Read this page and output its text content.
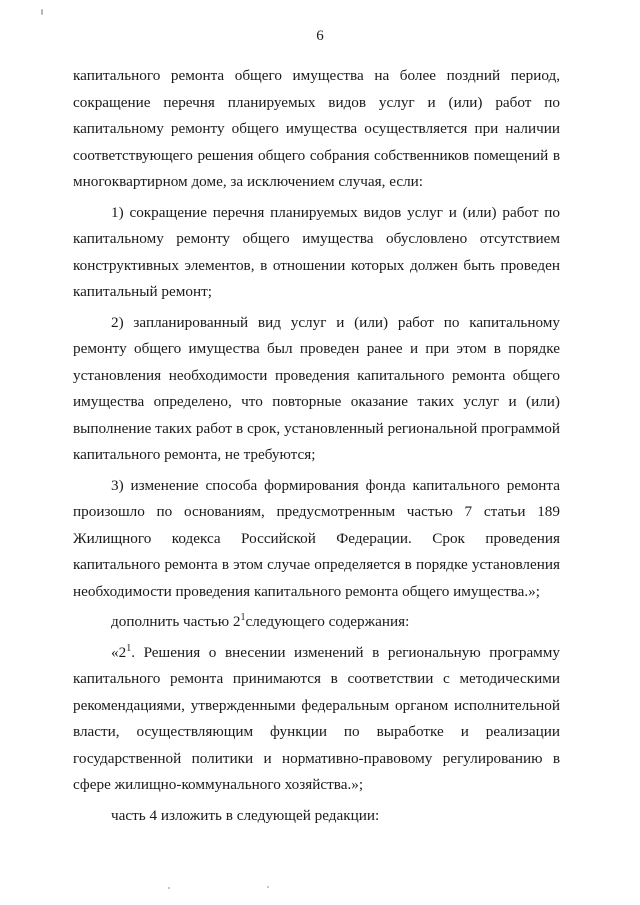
6

капитального ремонта общего имущества на более поздний период, сокращение перечня планируемых видов услуг и (или) работ по капитальному ремонту общего имущества осуществляется при наличии соответствующего решения общего собрания собственников помещений в многоквартирном доме, за исключением случая, если:

1) сокращение перечня планируемых видов услуг и (или) работ по капитальному ремонту общего имущества обусловлено отсутствием конструктивных элементов, в отношении которых должен быть проведен капитальный ремонт;

2) запланированный вид услуг и (или) работ по капитальному ремонту общего имущества был проведен ранее и при этом в порядке установления необходимости проведения капитального ремонта общего имущества определено, что повторные оказание таких услуг и (или) выполнение таких работ в срок, установленный региональной программой капитального ремонта, не требуются;

3) изменение способа формирования фонда капитального ремонта произошло по основаниям, предусмотренным частью 7 статьи 189 Жилищного кодекса Российской Федерации. Срок проведения капитального ремонта в этом случае определяется в порядке установления необходимости проведения капитального ремонта общего имущества.»;

дополнить частью $2^1следующего$ содержания:

«$2^1$. Решения о внесении изменений в региональную программу капитального ремонта принимаются в соответствии с методическими рекомендациями, утвержденными федеральным органом исполнительной власти, осуществляющим функции по выработке и реализации государственной политики и нормативно-правовому регулированию в сфере жилищно-коммунального хозяйства.»;

часть 4 изложить в следующей редакции:
